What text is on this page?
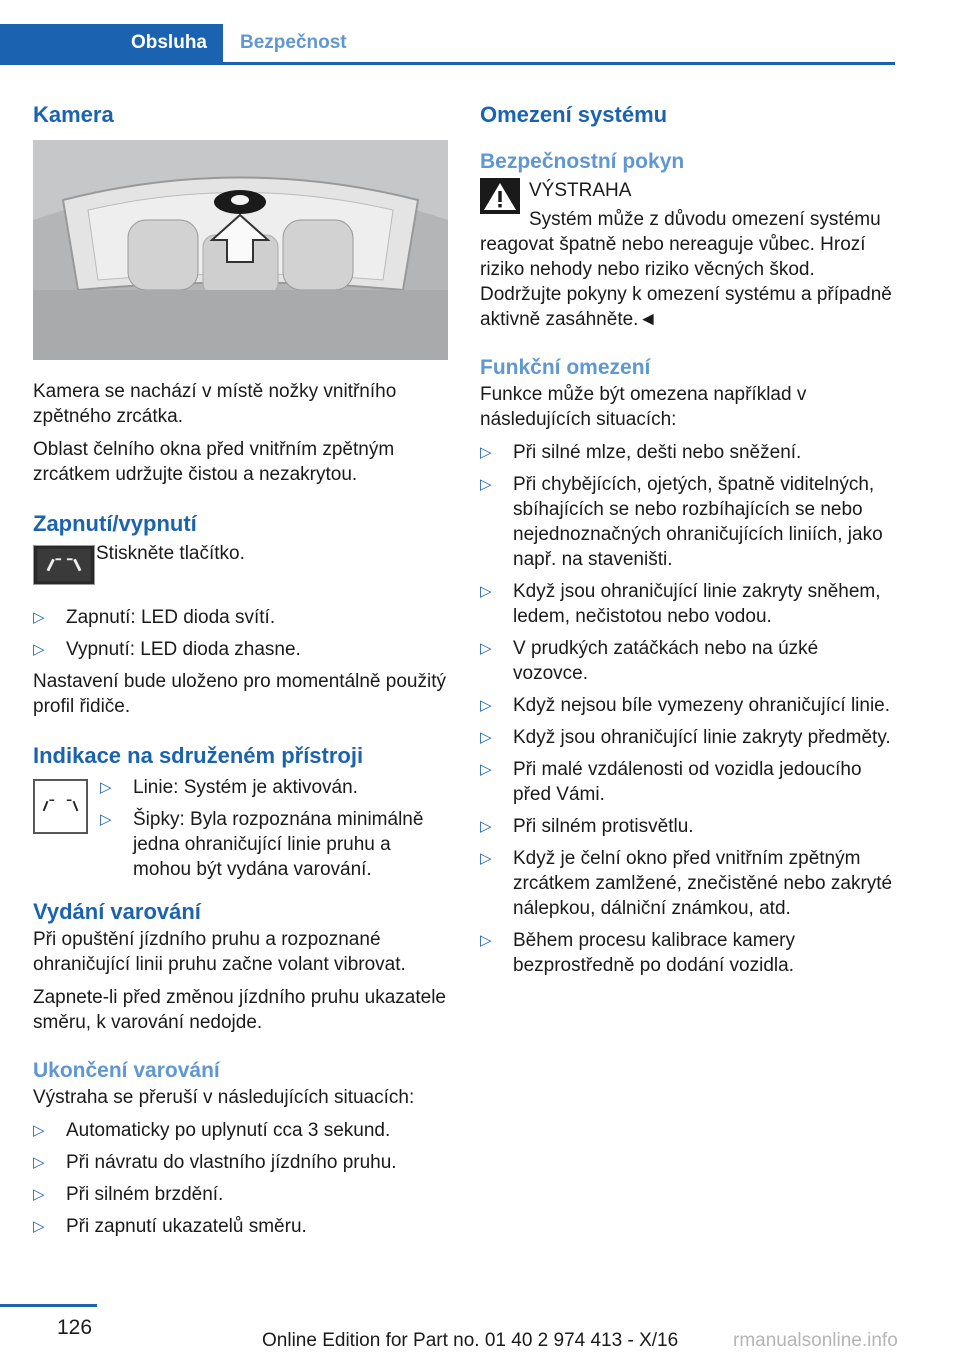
Obsluha	Bezpečnost
Kamera

Kamera se nachází v místě nožky vnitřního zpětného zrcátka.

Oblast čelního okna před vnitřním zpětným zrcátkem udržujte čistou a nezakrytou.

Zapnutí/vypnutí

Stiskněte tlačítko.

▷ Zapnutí: LED dioda svítí.
▷ Vypnutí: LED dioda zhasne.

Nastavení bude uloženo pro momentálně použitý profil řidiče.

Indikace na sdruženém přístroji
▷ Linie: Systém je aktivován.
▷ Šipky: Byla rozpoznána minimálně jedna ohraničující linie pruhu a mohou být vydána varování.
Vydání varování

Při opuštění jízdního pruhu a rozpoznané ohraničující linii pruhu začne volant vibrovat.

Zapnete-li před změnou jízdního pruhu ukazatele směru, k varování nedojde.

Ukončení varování

Výstraha se přeruší v následujících situacích:

▷ Automaticky po uplynutí cca 3 sekund.
▷ Při návratu do vlastního jízdního pruhu.
▷ Při silném brzdění.
▷ Při zapnutí ukazatelů směru.
Omezení systému
Bezpečnostní pokyn

VÝSTRAHA

Systém může z důvodu omezení systému reagovat špatně nebo nereaguje vůbec. Hrozí riziko nehody nebo riziko věcných škod. Dodržujte pokyny k omezení systému a případně aktivně zasáhněte.◄

Funkční omezení

Funkce může být omezena například v následujících situacích:

▷ Při silné mlze, dešti nebo sněžení.
▷ Při chybějících, ojetých, špatně viditelných, sbíhajících se nebo rozbíhajících se nebo nejednoznačných ohraničujících liniích, jako např. na staveništi.
▷ Když jsou ohraničující linie zakryty sněhem, ledem, nečistotou nebo vodou.
▷ V prudkých zatáčkách nebo na úzké vozovce.
▷ Když nejsou bíle vymezeny ohraničující linie.
▷ Když jsou ohraničující linie zakryty předměty.
▷ Při malé vzdálenosti od vozidla jedoucího před Vámi.
▷ Při silném protisvětlu.
▷ Když je čelní okno před vnitřním zpětným zrcátkem zamlžené, znečistěné nebo zakryté nálepkou, dálniční známkou, atd.
▷ Během procesu kalibrace kamery bezprostředně po dodání vozidla.
126
Online Edition for Part no. 01 40 2 974 413 - X/16	rmanualsonline.info
